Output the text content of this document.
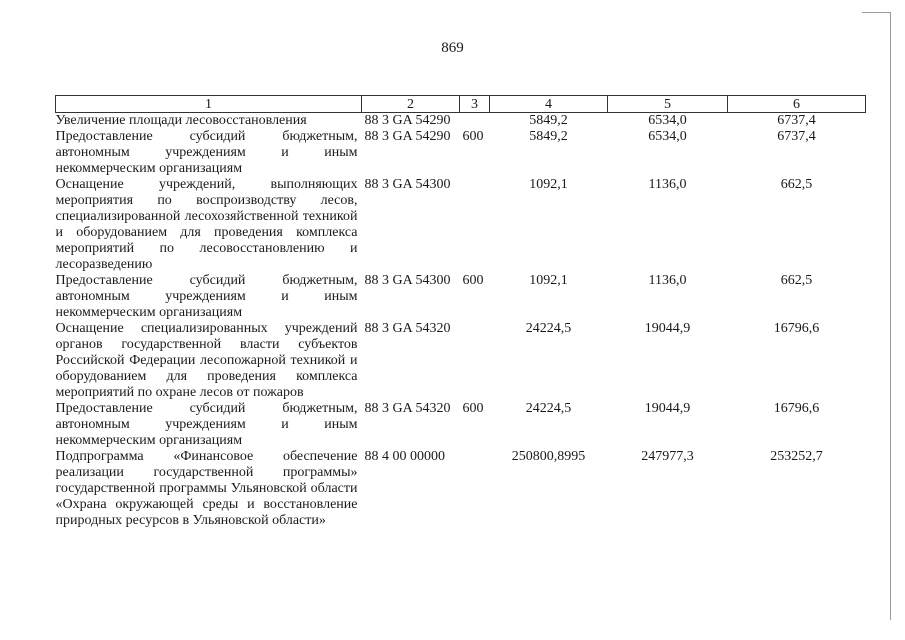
869
1	2	3	4	5	6
Увеличение площади лесовосстановления	88 3 GA 54290		5849,2	6534,0	6737,4
Предоставление субсидий бюджетным, автономным учреждениям и иным некоммерческим организациям	88 3 GA 54290	600	5849,2	6534,0	6737,4
Оснащение учреждений, выполняющих мероприятия по воспроизводству лесов, специализированной лесохозяйственной техникой и оборудованием для проведения комплекса мероприятий по лесовосстановлению и лесоразведению	88 3 GA 54300		1092,1	1136,0	662,5
Предоставление субсидий бюджетным, автономным учреждениям и иным некоммерческим организациям	88 3 GA 54300	600	1092,1	1136,0	662,5
Оснащение специализированных учреждений органов государственной власти субъектов Российской Федерации лесопожарной техникой и оборудованием для проведения комплекса мероприятий по охране лесов от пожаров	88 3 GA 54320		24224,5	19044,9	16796,6
Предоставление субсидий бюджетным, автономным учреждениям и иным некоммерческим организациям	88 3 GA 54320	600	24224,5	19044,9	16796,6
Подпрограмма «Финансовое обеспечение реализации государственной программы» государственной программы Ульяновской области «Охрана окружающей среды и восстановление природных ресурсов в Ульяновской области»	88 4 00 00000		250800,8995	247977,3	253252,7
